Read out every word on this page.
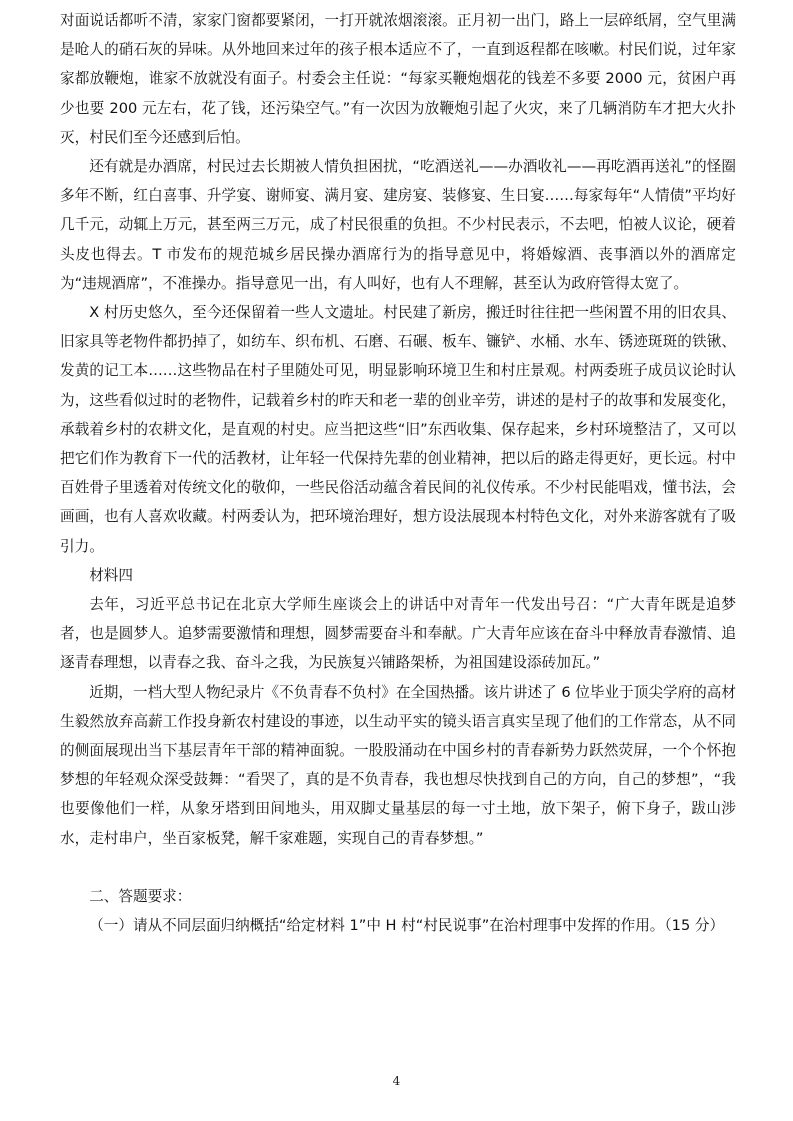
对面说话都听不清，家家门窗都要紧闭，一打开就浓烟滚滚。正月初一出门，路上一层碎纸屑，空气里满是呛人的硝石灰的异味。从外地回来过年的孩子根本适应不了，一直到返程都在咳嗽。村民们说，过年家家都放鞭炮，谁家不放就没有面子。村委会主任说：“每家买鞭炮烟花的钱差不多要 2000 元，贫困户再少也要 200 元左右，花了钱，还污染空气。”有一次因为放鞭炮引起了火灾，来了几辆消防车才把大火扑灭，村民们至今还感到后怕。

还有就是办酒席，村民过去长期被人情负担困扰，“吃酒送礼——办酒收礼——再吃酒再送礼”的怪圈多年不断，红白喜事、升学宴、谢师宴、满月宴、建房宴、装修宴、生日宴……每家每年“人情债”平均好几千元，动辄上万元，甚至两三万元，成了村民很重的负担。不少村民表示，不去吧，怕被人议论，硬着头皮也得去。T 市发布的规范城乡居民操办酒席行为的指导意见中，将婚嫁酒、丧事酒以外的酒席定为“违规酒席”，不准操办。指导意见一出，有人叫好，也有人不理解，甚至认为政府管得太宽了。

X 村历史悠久，至今还保留着一些人文遗址。村民建了新房，搬迁时往往把一些闲置不用的旧农具、旧家具等老物件都扔掉了，如纺车、织布机、石磨、石碾、板车、镰铲、水桶、水车、锈迹斑斑的铁锹、发黄的记工本……这些物品在村子里随处可见，明显影响环境卫生和村庄景观。村两委班子成员议论时认为，这些看似过时的老物件，记载着乡村的昨天和老一辈的创业辛劳，讲述的是村子的故事和发展变化，承载着乡村的农耕文化，是直观的村史。应当把这些“旧”东西收集、保存起来，乡村环境整洁了，又可以把它们作为教育下一代的活教材，让年轻一代保持先辈的创业精神，把以后的路走得更好，更长远。村中百姓骨子里透着对传统文化的敬仰，一些民俗活动蕴含着民间的礼仪传承。不少村民能唱戏，懂书法，会画画，也有人喜欢收藏。村两委认为，把环境治理好，想方设法展现本村特色文化，对外来游客就有了吸引力。

材料四

去年，习近平总书记在北京大学师生座谈会上的讲话中对青年一代发出号召：“广大青年既是追梦者，也是圆梦人。追梦需要激情和理想，圆梦需要奋斗和奉献。广大青年应该在奋斗中释放青春激情、追逐青春理想，以青春之我、奋斗之我，为民族复兴铺路架桥，为祖国建设添砖加瓦。”

近期，一档大型人物纪录片《不负青春不负村》在全国热播。该片讲述了 6 位毕业于顶尖学府的高材生毅然放弃高薪工作投身新农村建设的事迹，以生动平实的镜头语言真实呈现了他们的工作常态，从不同的侧面展现出当下基层青年干部的精神面貌。一股股涌动在中国乡村的青春新势力跃然荧屏，一个个怀抱梦想的年轻观众深受鼓舞：“看哭了，真的是不负青春，我也想尽快找到自己的方向，自己的梦想”，“我也要像他们一样，从象牙塔到田间地头，用双脚丈量基层的每一寸土地，放下架子，俯下身子，跋山涉水，走村串户，坐百家板凳，解千家难题，实现自己的青春梦想。”

二、答题要求：

（一）请从不同层面归纳概括“给定材料 1”中 H 村“村民说事”在治村理事中发挥的作用。（15 分）

4
